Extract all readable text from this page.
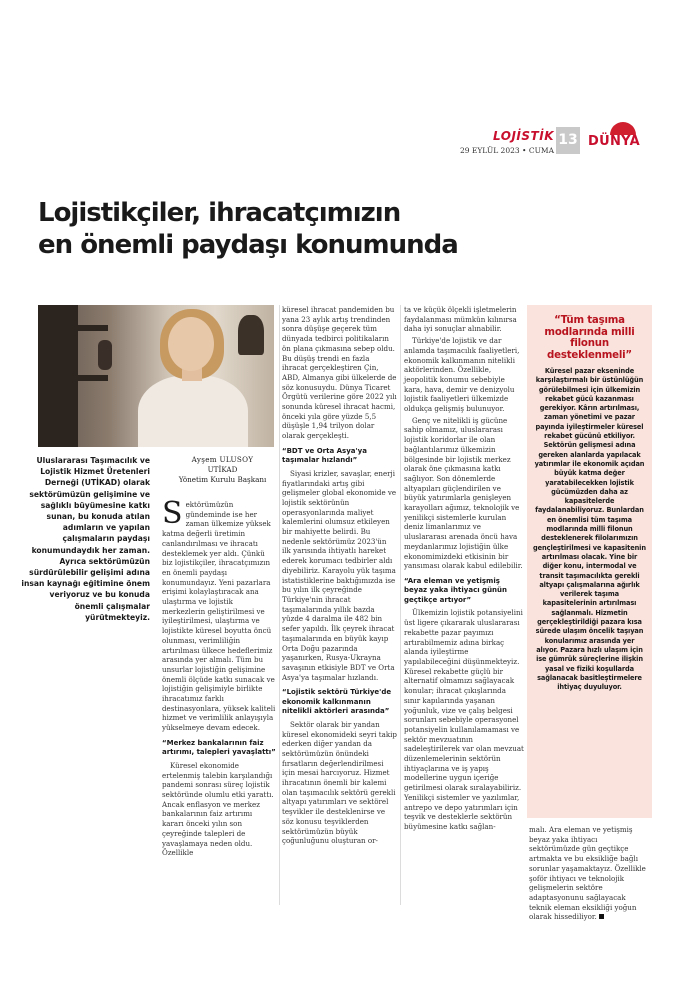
LOJİSTİK
29 EYLÜL 2023 • CUMA
13 DÜNYA
Lojistikçiler, ihracatçımızın
en önemli paydaşı konumunda
Ayşem ULUSOY
UTİKAD
Yönetim Kurulu Başkanı
Uluslararası Taşımacılık ve Lojistik Hizmet Üretenleri Derneği (UTİKAD) olarak sektörümüzün gelişimine ve sağlıklı büyümesine katkı sunan, bu konuda atılan adımların ve yapılan çalışmaların paydaşı konumundaydık her zaman. Ayrıca sektörümüzün sürdürülebilir gelişimi adına insan kaynağı eğitimine önem veriyoruz ve bu konuda önemli çalışmalar yürütmekteyiz.

Sektörümüzün gündeminde ise her zaman ülkemize yüksek katma değerli üretimin canlandırılması ve ihracatı desteklemek yer aldı. Çünkü biz lojistikçiler, ihracatçımızın en önemli paydaşı konumundayız. Yeni pazarlara erişimi kolaylaştıracak ana ulaştırma ve lojistik merkezlerin geliştirilmesi ve iyileştirilmesi, ulaştırma ve lojistikte küresel boyutta öncü olunması, verimliliğin artırılması ülkece hedeflerimiz arasında yer almalı. Tüm bu unsurlar lojistiğin gelişimine önemli ölçüde katkı sunacak ve lojistiğin gelişimiyle birlikte ihracatımız farklı destinasyonlara, yüksek kaliteli hizmet ve verimlilik anlayışıyla yükselmeye devam edecek.

“Merkez bankalarının faiz artırımı, talepleri yavaşlattı”

Küresel ekonomide ertelenmiş talebin karşılandığı pandemi sonrası süreç lojistik sektöründe olumlu etki yarattı. Ancak enflasyon ve merkez bankalarının faiz artırımı kararı önceki yılın son çeyreğinde talepleri de yavaşlamaya neden oldu. Özellikle

küresel ihracat pandemiden bu yana 23 aylık artış trendinden sonra düşüşe geçerek tüm dünyada tedbirci politikaların ön plana çıkmasına sebep oldu. Bu düşüş trendi en fazla ihracat gerçekleştiren Çin, ABD, Almanya gibi ülkelerde de söz konusuydu. Dünya Ticaret Örgütü verilerine göre 2022 yılı sonunda küresel ihracat hacmi, önceki yıla göre yüzde 5,5 düşüşle 1,94 trilyon dolar olarak gerçekleşti.

“BDT ve Orta Asya'ya taşımalar hızlandı”

Siyasi krizler, savaşlar, enerji fiyatlarındaki artış gibi gelişmeler global ekonomide ve lojistik sektörünün operasyonlarında maliyet kalemlerini olumsuz etkileyen bir mahiyette belirdi. Bu nedenle sektörümüz 2023'ün ilk yarısında ihtiyatlı hareket ederek korumacı tedbirler aldı diyebiliriz. Karayolu yük taşıma istatistiklerine baktığımızda ise bu yılın ilk çeyreğinde Türkiye'nin ihracat taşımalarında yıllık bazda yüzde 4 daralma ile 482 bin sefer yapıldı. İlk çeyrek ihracat taşımalarında en büyük kayıp Orta Doğu pazarında yaşanırken, Rusya-Ukrayna savaşının etkisiyle BDT ve Orta Asya'ya taşımalar hızlandı.

“Lojistik sektörü Türkiye'de ekonomik kalkınmanın nitelikli aktörleri arasında”

Sektör olarak bir yandan küresel ekonomideki seyri takip ederken diğer yandan da sektörümüzün önündeki fırsatların değerlendirilmesi için mesai harcıyoruz. Hizmet ihracatının önemli bir kalemi olan taşımacılık sektörü gerekli altyapı yatırımları ve sektörel teşvikler ile desteklenirse ve söz konusu teşviklerden sektörümüzün büyük çoğunluğunu oluşturan or-

ta ve küçük ölçekli işletmelerin faydalanması mümkün kılınırsa daha iyi sonuçlar alınabilir.

Türkiye'de lojistik ve dar anlamda taşımacılık faaliyetleri, ekonomik kalkınmanın nitelikli aktörlerinden. Özellikle, jeopolitik konumu sebebiyle kara, hava, demir ve denizyolu lojistik faaliyetleri ülkemizde oldukça gelişmiş bulunuyor.

Genç ve nitelikli iş gücüne sahip olmamız, uluslararası lojistik koridorlar ile olan bağlantılarımız ülkemizin bölgesinde bir lojistik merkez olarak öne çıkmasına katkı sağlıyor. Son dönemlerde altyapıları güçlendirilen ve büyük yatırımlarla genişleyen karayolları ağımız, teknolojik ve yenilikçi sistemlerle kurulan deniz limanlarımız ve uluslararası arenada öncü hava meydanlarımız lojistiğin ülke ekonomimizdeki etkisinin bir yansıması olarak kabul edilebilir.

“Ara eleman ve yetişmiş beyaz yaka ihtiyacı günün geçtikçe artıyor”

Ülkemizin lojistik potansiyelini üst ligere çıkararak uluslararası rekabette pazar payımızı artırabilmemiz adına birkaç alanda iyileştirme yapılabileceğini düşünmekteyiz. Küresel rekabette güçlü bir alternatif olmamızı sağlayacak konular; ihracat çıkışlarında sınır kapılarında yaşanan yoğunluk, vize ve çalış belgesi sorunları sebebiyle operasyonel potansiyelin kullanılamaması ve sektör mevzuatının sadeleştirilerek var olan mevzuat düzenlemelerinin sektörün ihtiyaçlarına ve iş yapış modellerine uygun içeriğe getirilmesi olarak sıralayabiliriz. Yenilikçi sistemler ve yazılımlar, antrepo ve depo yatırımları için teşvik ve desteklerle sektörün büyümesine katkı sağlan-

“Tüm taşıma modlarında milli filonun desteklenmeli”
Küresel pazar ekseninde karşılaştırmalı bir üstünlüğün görülebilmesi için ülkemizin rekabet gücü kazanması gerekiyor. Kârın artırılması, zaman yönetimi ve pazar payında iyileştirmeler küresel rekabet gücünü etkiliyor. Sektörün gelişmesi adına gereken alanlarda yapılacak yatırımlar ile ekonomik açıdan büyük katma değer yaratabilecekken lojistik gücümüzden daha az kapasitelerde faydalanabiliyoruz. Bunlardan en önemlisi tüm taşıma modlarında milli filonun desteklenerek filolarımızın gençleştirilmesi ve kapasitenin artırılması olacak. Yine bir diğer konu, intermodal ve transit taşımacılıkta gerekli altyapı çalışmalarına ağırlık verilerek taşıma kapasitelerinin artırılması sağlanmalı. Hizmetin gerçekleştirildiği pazara kısa sürede ulaşım öncelik taşıyan konularımız arasında yer alıyor. Pazara hızlı ulaşım için ise gümrük süreçlerine ilişkin yasal ve fiziki koşullarda sağlanacak basitleştirmelere ihtiyaç duyuluyor.

malı. Ara eleman ve yetişmiş beyaz yaka ihtiyacı sektörümüzde gün geçtikçe artmakta ve bu eksikliğe bağlı sorunlar yaşamaktayız. Özellikle şoför ihtiyacı ve teknolojik gelişmelerin sektöre adaptasyonunu sağlayacak teknik eleman eksikliği yoğun olarak hissediliyor.
